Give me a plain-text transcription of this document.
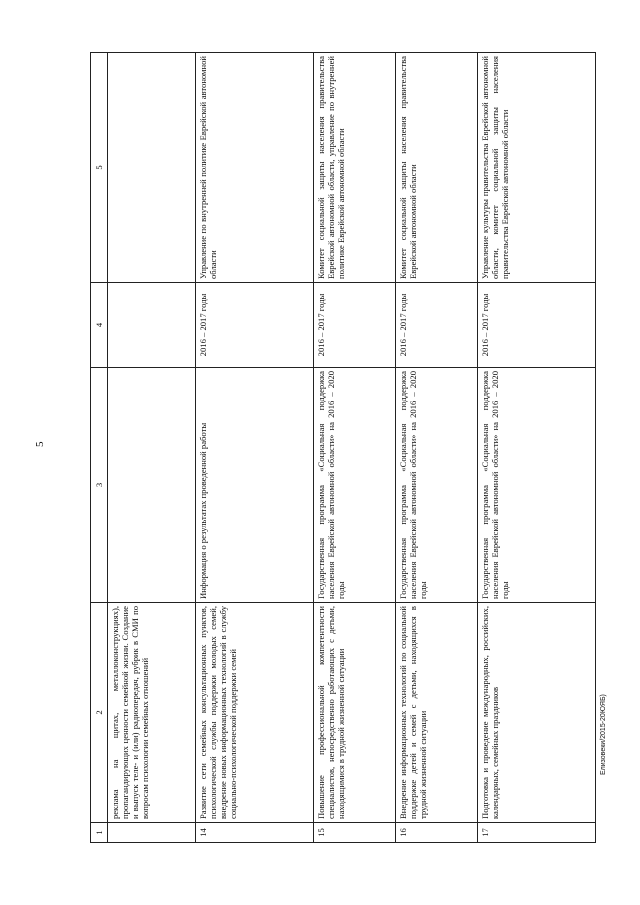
5
1	2	3	4	5
	реклама на щитах, металлоконструкциях), пропагандирующих ценности семейной жизни. Создание и выпуск теле- и (или) радиопередач, рубрик в СМИ по вопросам психологии семейных отношений			
14	Развитие сети семейных консультационных пунктов, психологической службы поддержки молодых семей, внедрение новых информационных технологий в службу социально-психологической поддержки семей	Информация о результатах проведенной работы	2016 – 2017 годы	Управление по внутренней политике Еврейской автономной области
15	Повышение профессиональной компетентности специалистов, непосредственно работающих с детьми, находящимися в трудной жизненной ситуации	Государственная программа «Социальная поддержка населения Еврейской автономной области» на 2016 – 2020 годы	2016 – 2017 годы	Комитет социальной защиты населения правительства Еврейской автономной области, управление по внутренней политике Еврейской автономной области
16	Внедрение информационных технологий по социальной поддержке детей и семей с детьми, находящихся в трудной жизненной ситуации	Государственная программа «Социальная поддержка населения Еврейской автономной области» на 2016 – 2020 годы	2016 – 2017 годы	Комитет социальной защиты населения правительства Еврейской автономной области
17	Подготовка и проведение международных, российских, календарных, семейных праздников	Государственная программа «Социальная поддержка населения Еврейской автономной области» на 2016 – 2020 годы	2016 – 2017 годы	Управление культуры правительства Еврейской автономной области, комитет социальной защиты населения правительства Еврейской автономной области
Елизовеки/2015-20ЮЯБ)
